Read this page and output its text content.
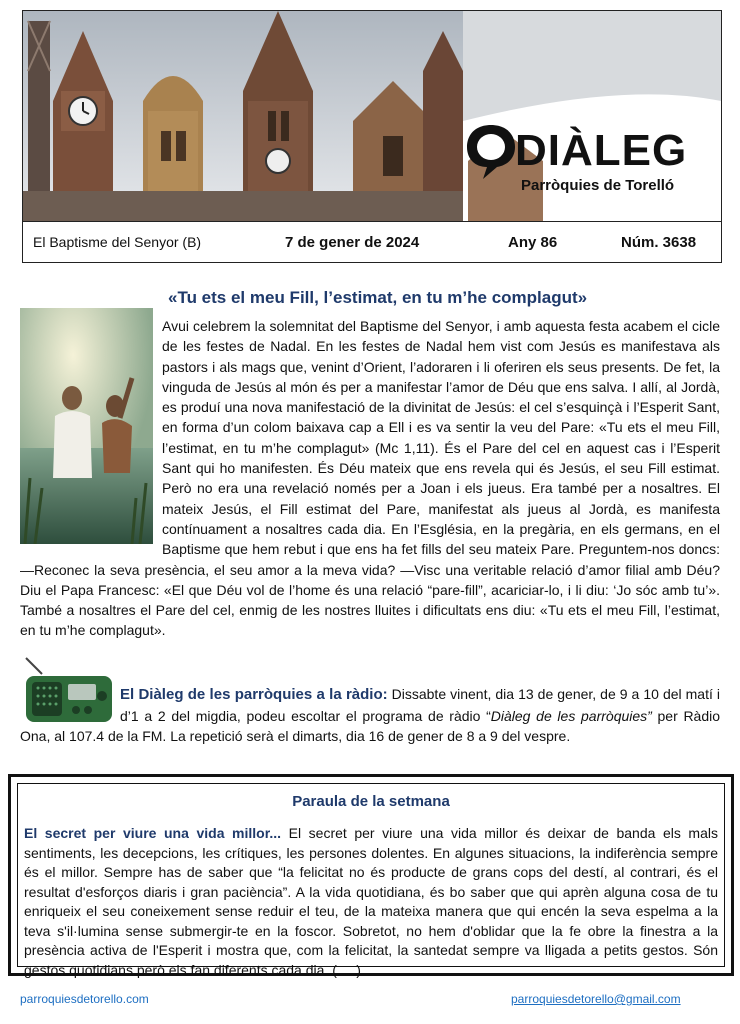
DIÀLEG
Parròquies de Torelló
El Baptisme del Senyor (B)	7 de gener de 2024	Any 86	Núm. 3638
«Tu ets el meu Fill, l’estimat, en tu m’he complagut»

Avui celebrem la solemnitat del Baptisme del Senyor, i amb aquesta festa acabem el cicle de les festes de Nadal. En les festes de Nadal hem vist com Jesús es manifestava als pastors i als mags que, venint d’Orient, l’adoraren i li oferiren els seus presents. De fet, la vinguda de Jesús al món és per a manifestar l’amor de Déu que ens salva. I allí, al Jordà, es produí una nova manifestació de la divinitat de Jesús: el cel s’esquinçà i l’Esperit Sant, en forma d’un colom baixava cap a Ell i es va sentir la veu del Pare: «Tu ets el meu Fill, l’estimat, en tu m’he complagut» (Mc 1,11). És el Pare del cel en aquest cas i l’Esperit Sant qui ho manifesten. És Déu mateix que ens revela qui és Jesús, el seu Fill estimat. Però no era una revelació només per a Joan i els jueus. Era també per a nosaltres. El mateix Jesús, el Fill estimat del Pare, manifestat als jueus al Jordà, es manifesta contínuament a nosaltres cada dia. En l’Església, en la pregària, en els germans, en el Baptisme que hem rebut i que ens ha fet fills del seu mateix Pare. Preguntem-nos doncs: —Reconec la seva presència, el seu amor a la meva vida? —Visc una veritable relació d’amor filial amb Déu? Diu el Papa Francesc: «El que Déu vol de l’home és una relació “pare-fill”, acariciar-lo, i li diu: ‘Jo sóc amb tu’». També a nosaltres el Pare del cel, enmig de les nostres lluites i dificultats ens diu: «Tu ets el meu Fill, l’estimat, en tu m’he complagut».

El Diàleg de les parròquies a la ràdio: Dissabte vinent, dia 13 de gener, de 9 a 10 del matí i d’1 a 2 del migdia, podeu escoltar el programa de ràdio “Diàleg de les parròquies” per Ràdio Ona, al 107.4 de la FM. La repetició serà el dimarts, dia 16 de gener de 8 a 9 del vespre.

Paraula de la setmana

El secret per viure una vida millor... El secret per viure una vida millor és deixar de banda els mals sentiments, les decepcions, les crítiques, les persones dolentes. En algunes situacions, la indiferència sempre és el millor. Sempre has de saber que “la felicitat no és producte de grans cops del destí, al contrari, és el resultat d'esforços diaris i gran paciència”. A la vida quotidiana, és bo saber que qui aprèn alguna cosa de tu enriqueix el seu coneixement sense reduir el teu, de la mateixa manera que qui encén la seva espelma a la teva s'il·lumina sense submergir-te en la foscor. Sobretot, no hem d'oblidar que la fe obre la finestra a la presència activa de l'Esperit i mostra que, com la felicitat, la santedat sempre va lligada a petits gestos. Són gestos quotidians però els fan diferents cada dia. (.....)

parroquiesdetorello.com	parroquiesdetorello@gmail.com
